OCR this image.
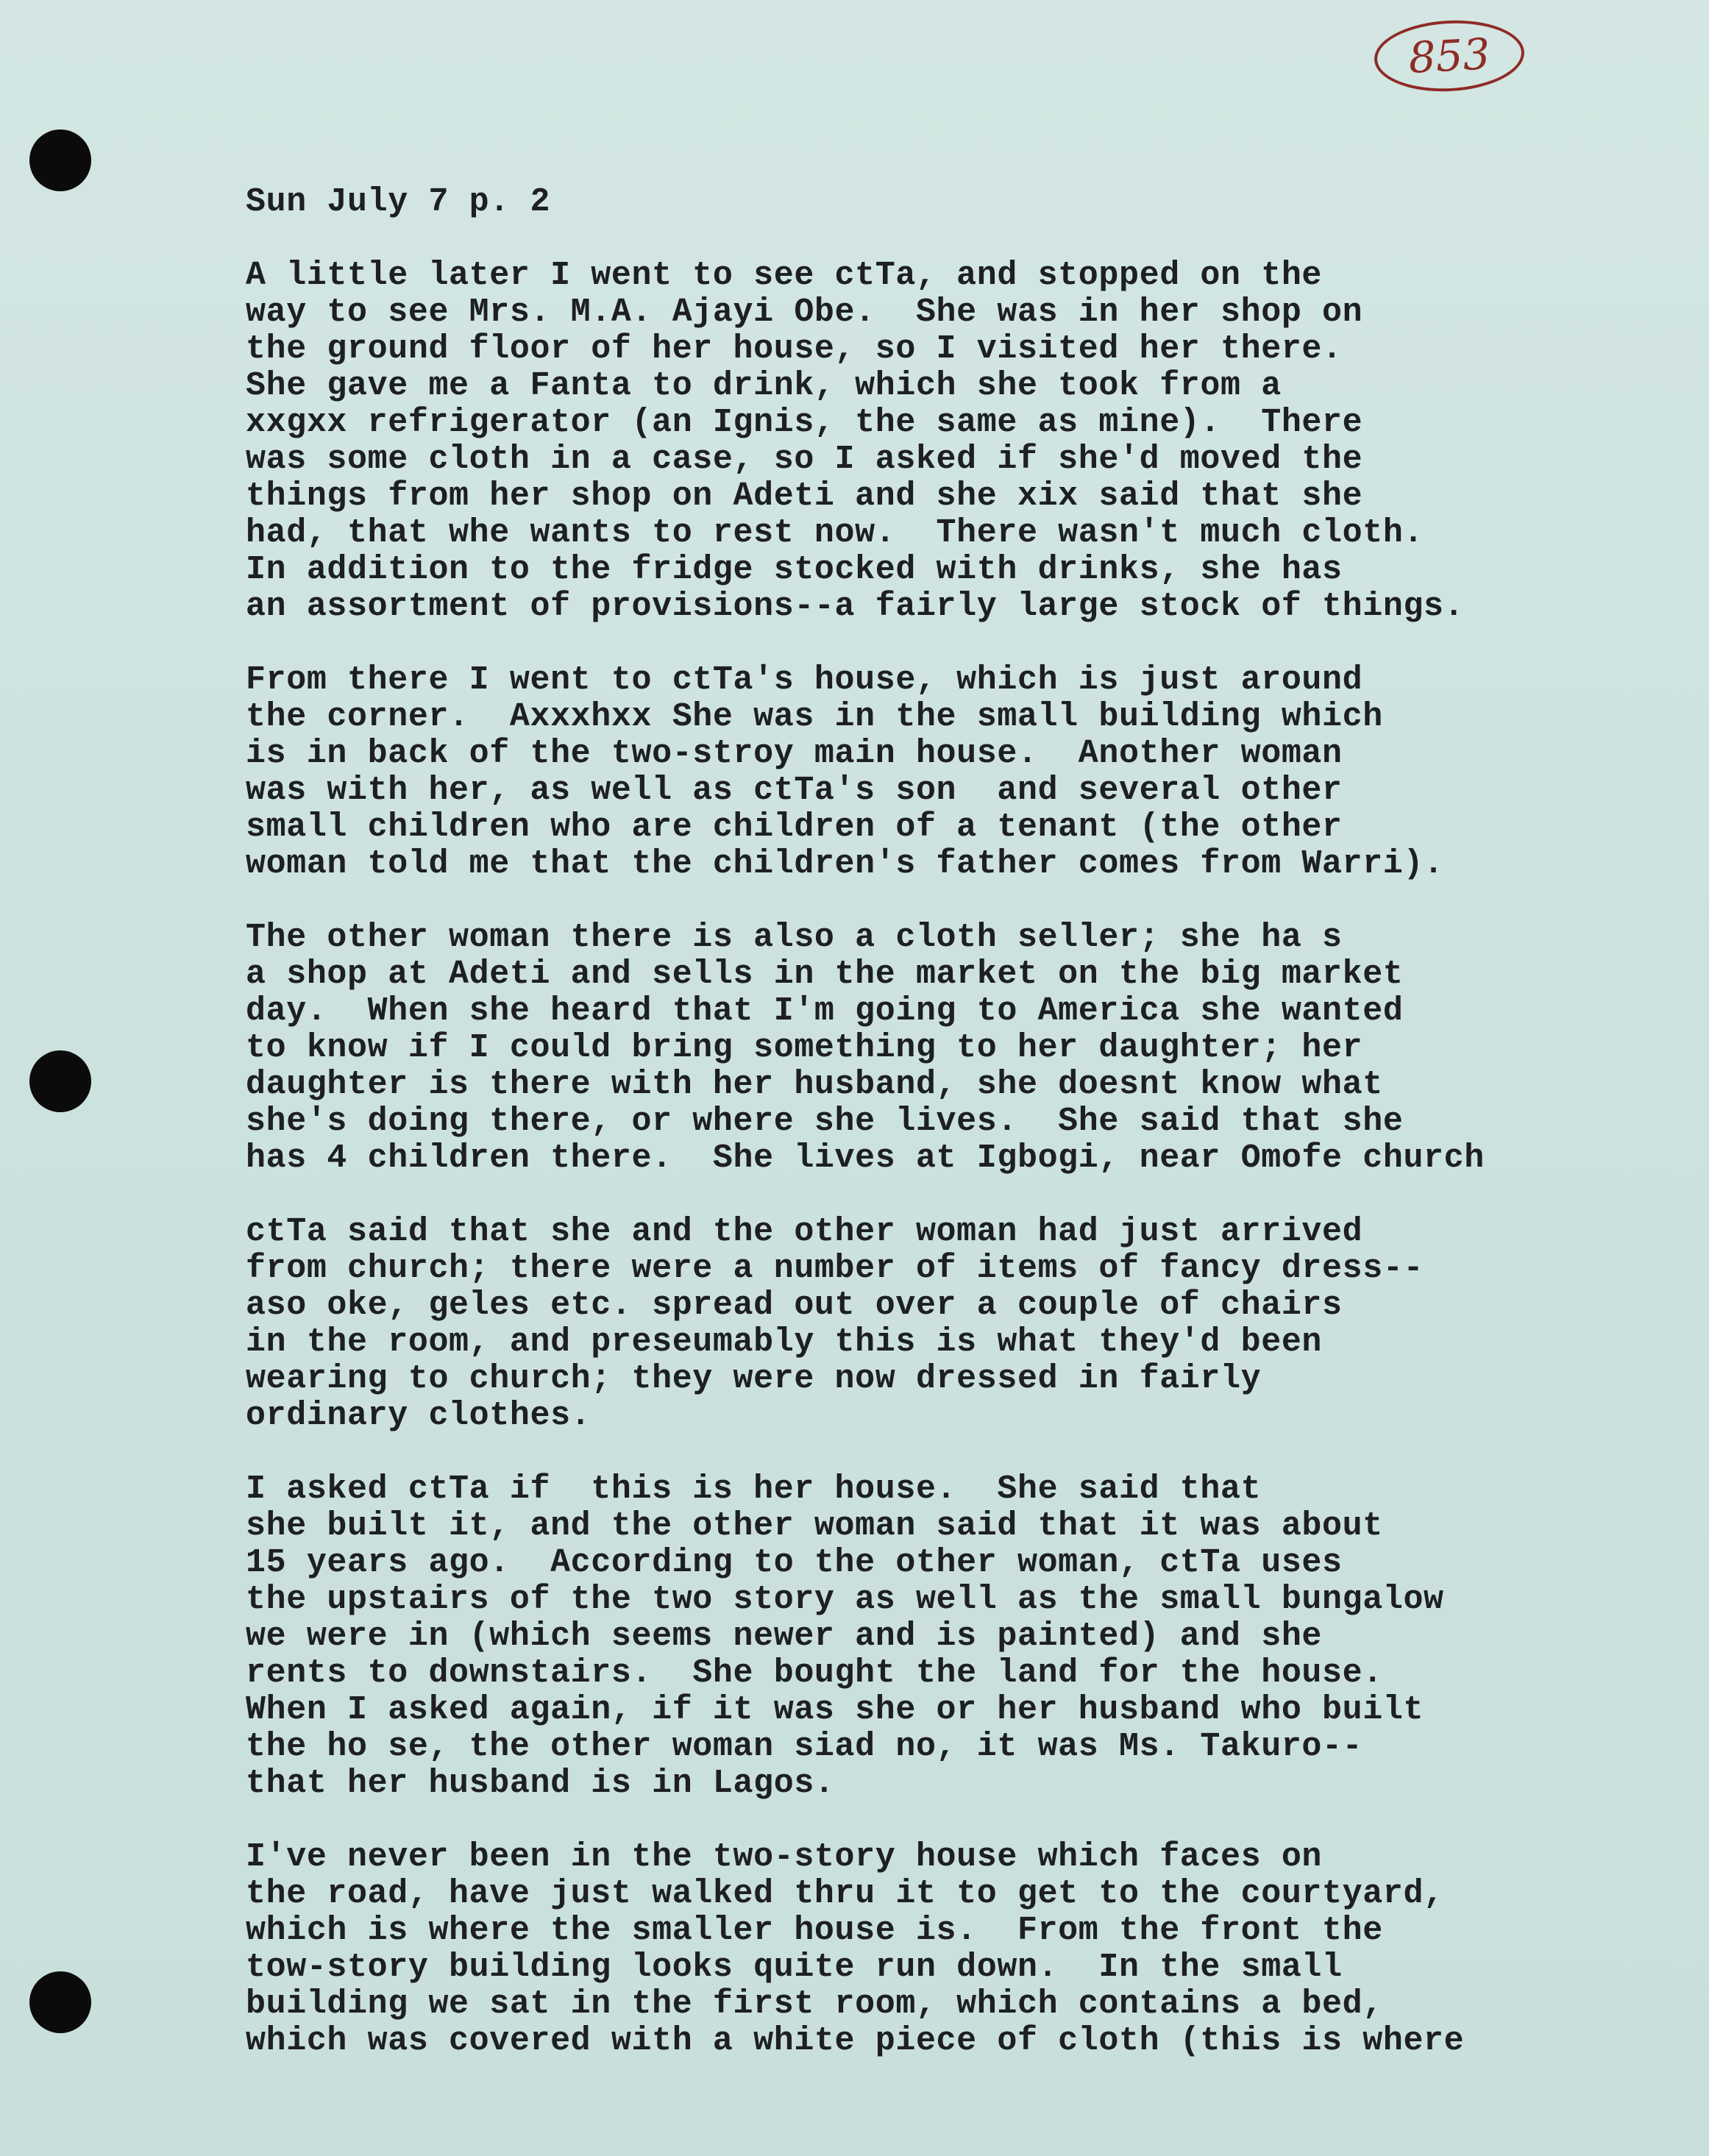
853
Sun July 7 p. 2

A little later I went to see ctTa, and stopped on the
way to see Mrs. M.A. Ajayi Obe.  She was in her shop on
the ground floor of her house, so I visited her there.
She gave me a Fanta to drink, which she took from a
xxgxx refrigerator (an Ignis, the same as mine).  There
was some cloth in a case, so I asked if she'd moved the
things from her shop on Adeti and she xix said that she
had, that whe wants to rest now.  There wasn't much cloth.
In addition to the fridge stocked with drinks, she has
an assortment of provisions--a fairly large stock of things.

From there I went to ctTa's house, which is just around
the corner.  Axxxhxx She was in the small building which
is in back of the two-stroy main house.  Another woman
was with her, as well as ctTa's son  and several other
small children who are children of a tenant (the other
woman told me that the children's father comes from Warri).

The other woman there is also a cloth seller; she ha s
a shop at Adeti and sells in the market on the big market
day.  When she heard that I'm going to America she wanted
to know if I could bring something to her daughter; her
daughter is there with her husband, she doesnt know what
she's doing there, or where she lives.  She said that she
has 4 children there.  She lives at Igbogi, near Omofe church

ctTa said that she and the other woman had just arrived
from church; there were a number of items of fancy dress--
aso oke, geles etc. spread out over a couple of chairs
in the room, and preseumably this is what they'd been
wearing to church; they were now dressed in fairly
ordinary clothes.

I asked ctTa if  this is her house.  She said that
she built it, and the other woman said that it was about
15 years ago.  According to the other woman, ctTa uses
the upstairs of the two story as well as the small bungalow
we were in (which seems newer and is painted) and she
rents to downstairs.  She bought the land for the house.
When I asked again, if it was she or her husband who built
the ho se, the other woman siad no, it was Ms. Takuro--
that her husband is in Lagos.

I've never been in the two-story house which faces on
the road, have just walked thru it to get to the courtyard,
which is where the smaller house is.  From the front the
tow-story building looks quite run down.  In the small
building we sat in the first room, which contains a bed,
which was covered with a white piece of cloth (this is where
